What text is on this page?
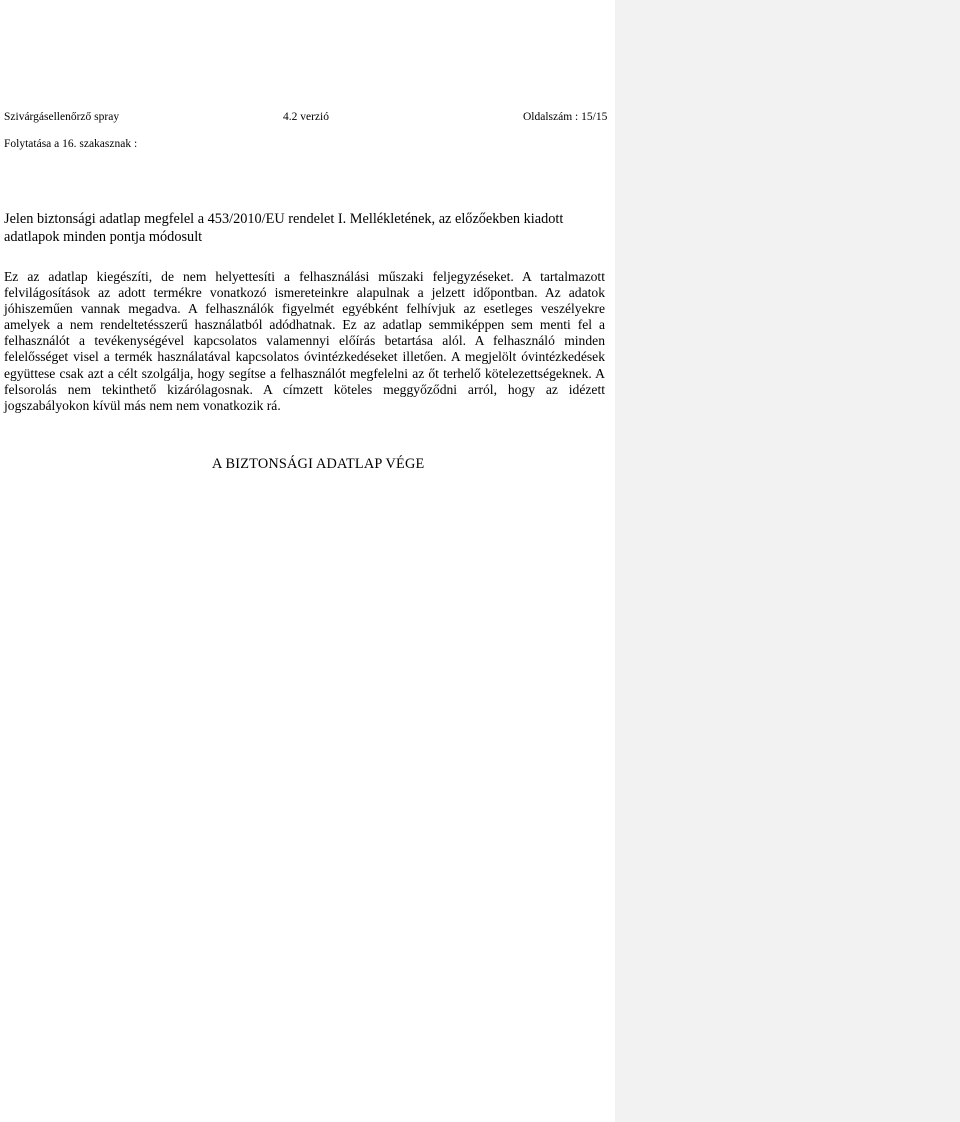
Szivárgásellenőrző spray	4.2 verzió	Oldalszám : 15/15
Folytatása a 16. szakasznak :

Jelen biztonsági adatlap megfelel a 453/2010/EU rendelet I. Mellékletének, az előzőekben kiadott adatlapok minden pontja módosult

Ez az adatlap kiegészíti, de nem helyettesíti a felhasználási műszaki feljegyzéseket. A tartalmazott felvilágosítások az adott termékre vonatkozó ismereteinkre alapulnak a jelzett időpontban. Az adatok jóhiszeműen vannak megadva. A felhasználók figyelmét egyébként felhívjuk az esetleges veszélyekre amelyek a nem rendeltetésszerű használatból adódhatnak. Ez az adatlap semmiképpen sem menti fel a felhasználót a tevékenységével kapcsolatos valamennyi előírás betartása alól. A felhasználó minden felelősséget visel a termék használatával kapcsolatos óvintézkedéseket illetően. A megjelölt óvintézkedések együttese csak azt a célt szolgálja, hogy segítse a felhasználót megfelelni az őt terhelő kötelezettségeknek. A felsorolás nem tekinthető kizárólagosnak. A címzett köteles meggyőződni arról, hogy az idézett jogszabályokon kívül más nem nem vonatkozik rá.

A BIZTONSÁGI ADATLAP VÉGE
